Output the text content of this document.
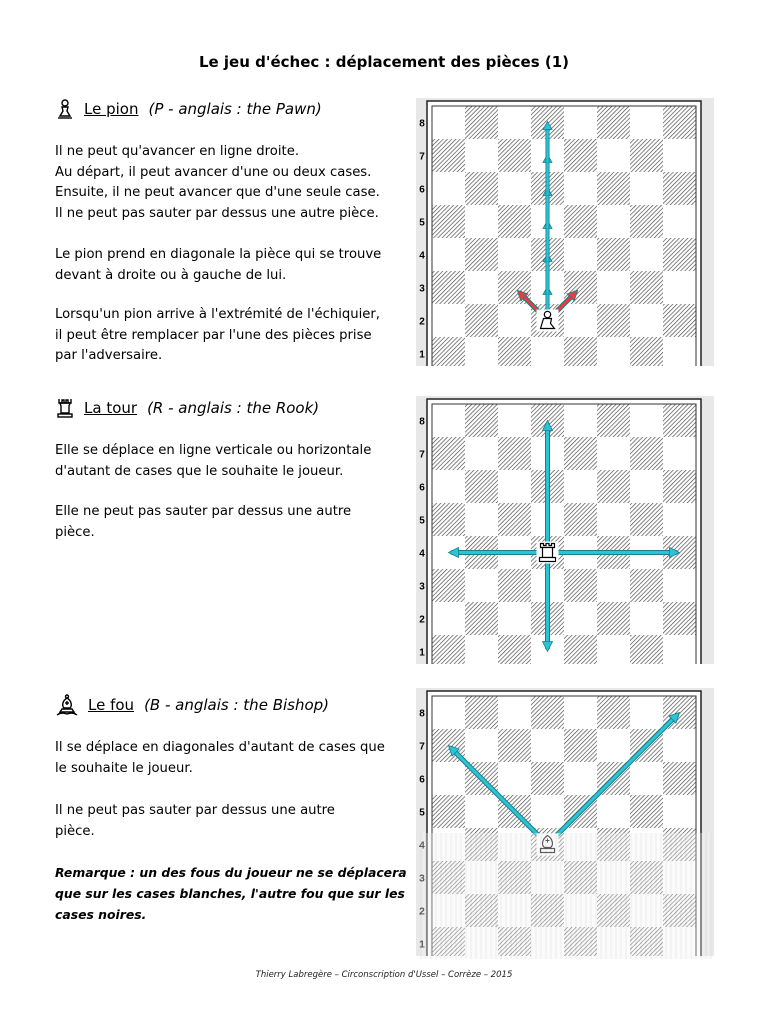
Le jeu d'échec : déplacement des pièces (1)
Le pion (P - anglais : the Pawn)

Il ne peut qu'avancer en ligne droite.
Au départ, il peut avancer d'une ou deux cases.
Ensuite, il ne peut avancer que d'une seule case.
Il ne peut pas sauter par dessus une autre pièce.

Le pion prend en diagonale la pièce qui se trouve
devant à droite ou à gauche de lui.

Lorsqu'un pion arrive à l'extrémité de l'échiquier,
il peut être remplacer par l'une des pièces prise
par l'adversaire.

La tour (R - anglais : the Rook)

Elle se déplace en ligne verticale ou horizontale
d'autant de cases que le souhaite le joueur.

Elle ne peut pas sauter par dessus une autre
pièce.

Le fou (B - anglais : the Bishop)

Il se déplace en diagonales d'autant de cases que
le souhaite le joueur.

Il ne peut pas sauter par dessus une autre
pièce.

Remarque : un des fous du joueur ne se déplacera
que sur les cases blanches, l'autre fou que sur les
cases noires.
1
2
3
4
5
6
7
8
1
2
3
4
5
6
7
8
5
6
7
8
Thierry Labregère – Circonscription d'Ussel – Corrèze – 2015
